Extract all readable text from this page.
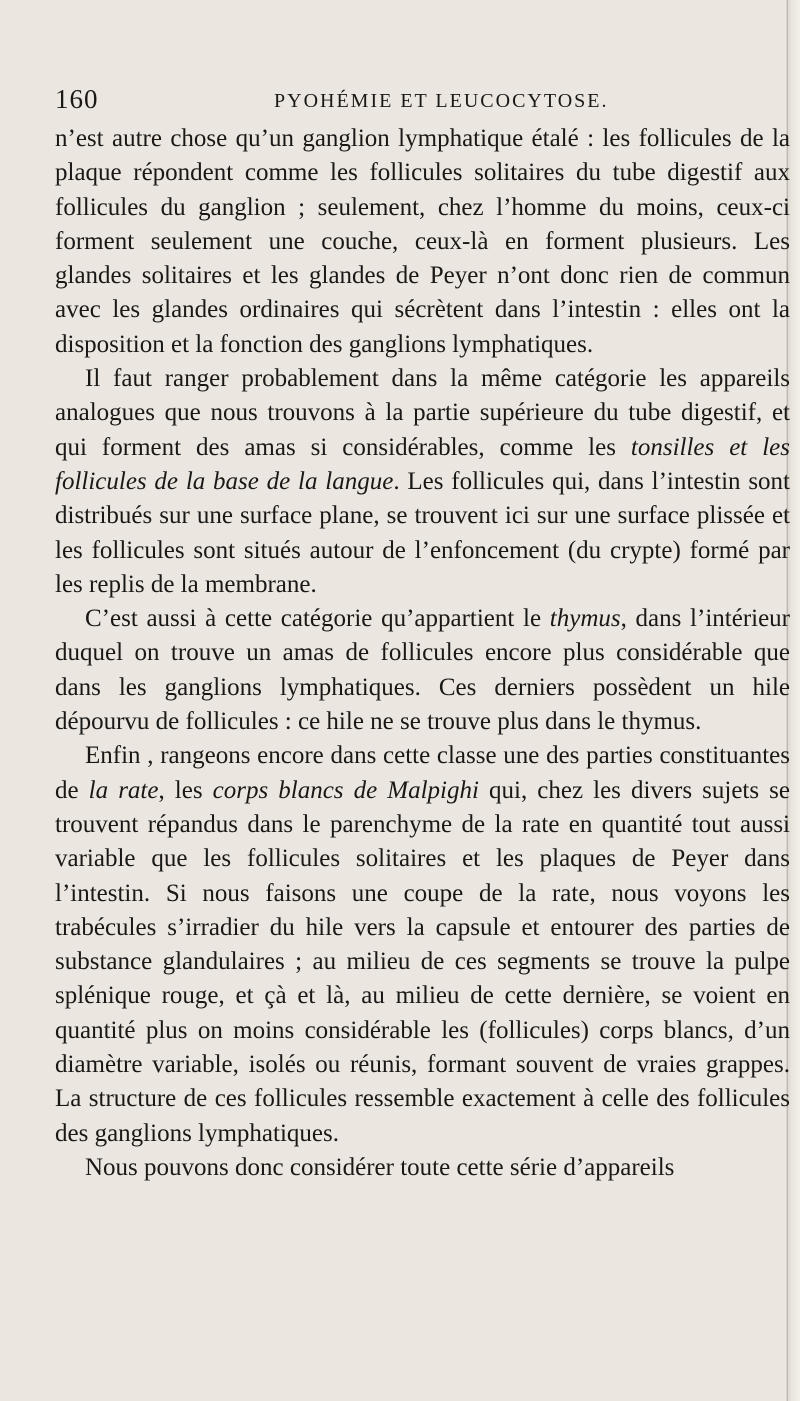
160	PYOHÉMIE ET LEUCOCYTOSE.

n’est autre chose qu’un ganglion lymphatique étalé : les follicules de la plaque répondent comme les follicules solitaires du tube digestif aux follicules du ganglion ; seulement, chez l’homme du moins, ceux-ci forment seulement une couche, ceux-là en forment plusieurs. Les glandes solitaires et les glandes de Peyer n’ont donc rien de commun avec les glandes ordinaires qui sécrètent dans l’intestin : elles ont la disposition et la fonction des ganglions lymphatiques.

Il faut ranger probablement dans la même catégorie les appareils analogues que nous trouvons à la partie supérieure du tube digestif, et qui forment des amas si considérables, comme les tonsilles et les follicules de la base de la langue. Les follicules qui, dans l’intestin sont distribués sur une surface plane, se trouvent ici sur une surface plissée et les follicules sont situés autour de l’enfoncement (du crypte) formé par les replis de la membrane.

C’est aussi à cette catégorie qu’appartient le thymus, dans l’intérieur duquel on trouve un amas de follicules encore plus considérable que dans les ganglions lymphatiques. Ces derniers possèdent un hile dépourvu de follicules : ce hile ne se trouve plus dans le thymus.

Enfin , rangeons encore dans cette classe une des parties constituantes de la rate, les corps blancs de Malpighi qui, chez les divers sujets se trouvent répandus dans le parenchyme de la rate en quantité tout aussi variable que les follicules solitaires et les plaques de Peyer dans l’intestin. Si nous faisons une coupe de la rate, nous voyons les trabécules s’irradier du hile vers la capsule et entourer des parties de substance glandulaires ; au milieu de ces segments se trouve la pulpe splénique rouge, et çà et là, au milieu de cette dernière, se voient en quantité plus on moins considérable les (follicules) corps blancs, d’un diamètre variable, isolés ou réunis, formant souvent de vraies grappes. La structure de ces follicules ressemble exactement à celle des follicules des ganglions lymphatiques.

Nous pouvons donc considérer toute cette série d’appareils
